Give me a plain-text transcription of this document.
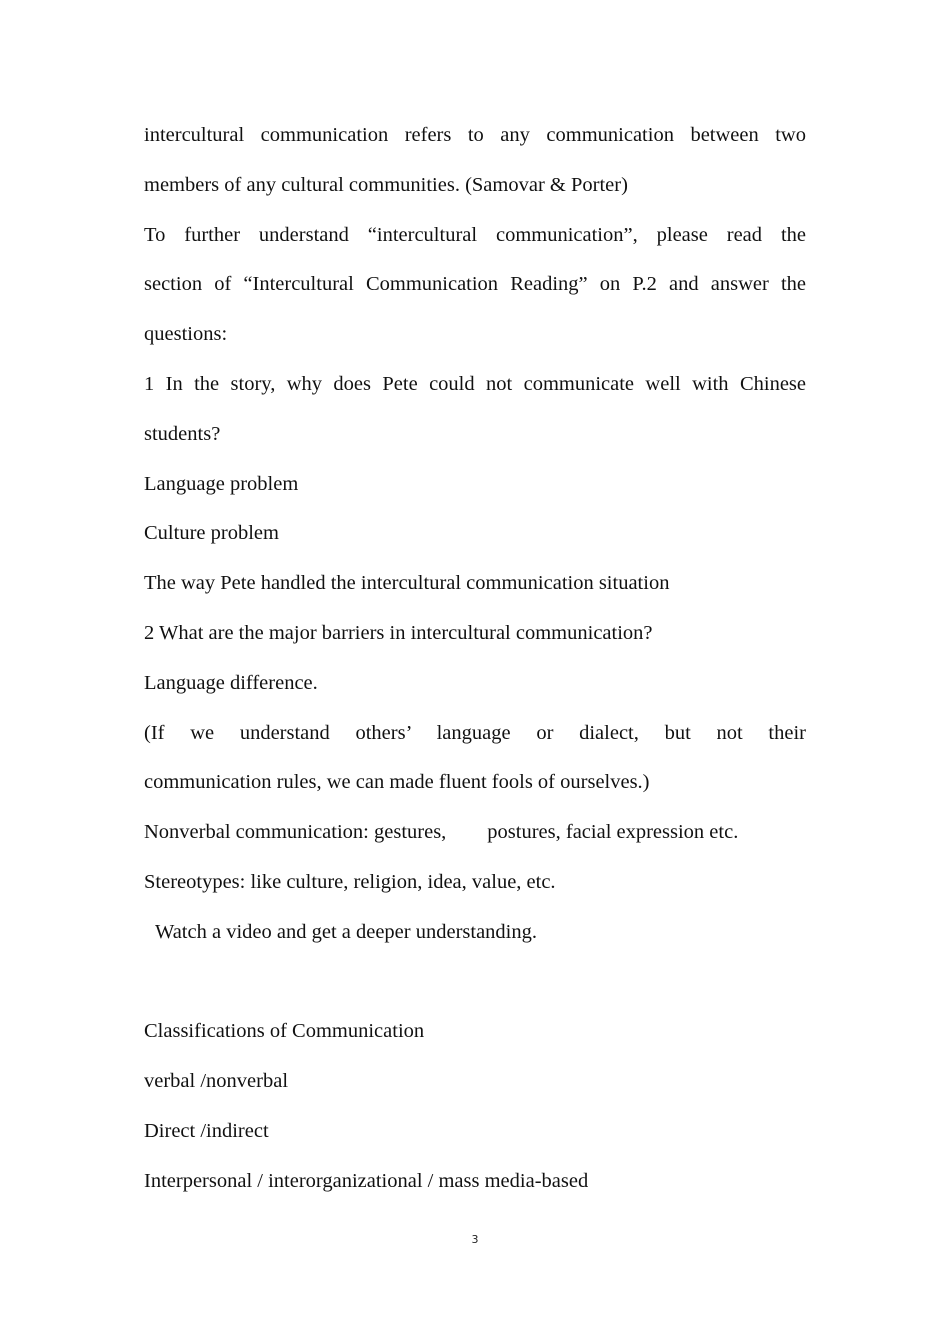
intercultural communication refers to any communication between two
members of any cultural communities. (Samovar & Porter)
To further understand “intercultural communication”, please read the
section of “Intercultural Communication Reading” on P.2 and answer the
questions:
1 In the story, why does Pete could not communicate well with Chinese
students?
Language problem
Culture problem
The way Pete handled the intercultural communication situation
2 What are the major barriers in intercultural communication?
Language difference.
(If we understand others’ language or dialect, but not their
communication rules, we can made fluent fools of ourselves.)
Nonverbal communication: gestures,        postures, facial expression etc.
Stereotypes: like culture, religion, idea, value, etc.
Watch a video and get a deeper understanding.
Classifications of Communication
verbal /nonverbal
Direct /indirect
Interpersonal / interorganizational / mass media-based
3
